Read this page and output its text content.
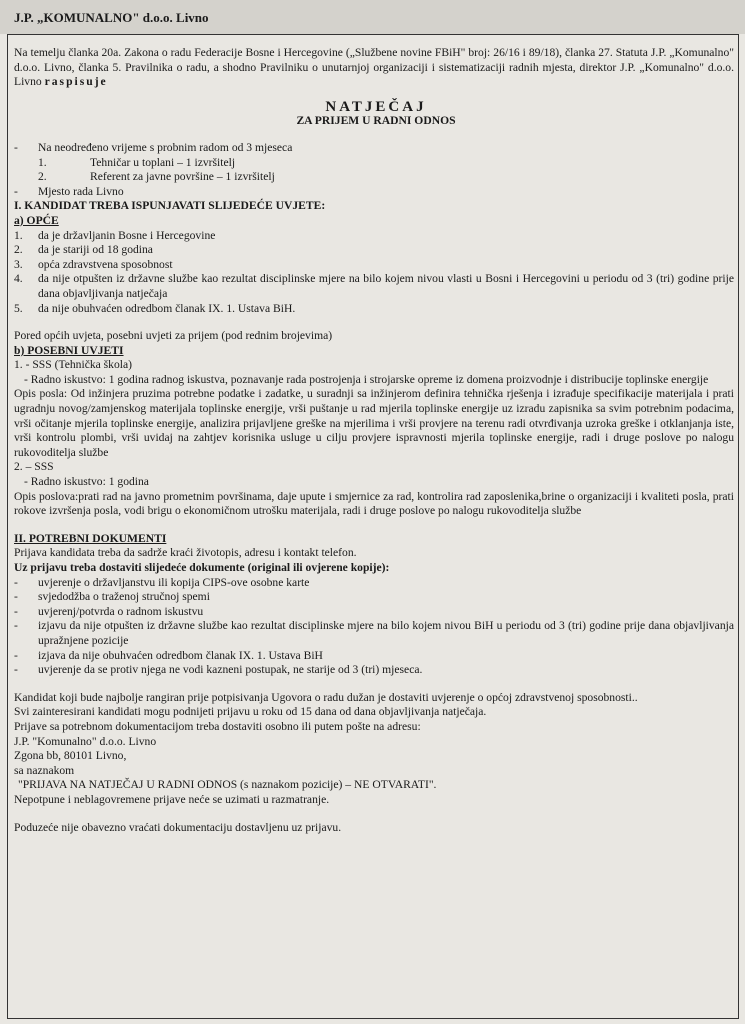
J.P. „KOMUNALNO" d.o.o. Livno

Na temelju članka 20a. Zakona o radu Federacije Bosne i Hercegovine („Službene novine FBiH" broj: 26/16 i 89/18), članka 27. Statuta J.P. „Komunalno" d.o.o. Livno, članka 5. Pravilnika o radu, a shodno Pravilniku o unutarnjoj organizaciji i sistematizaciji radnih mjesta, direktor J.P. „Komunalno" d.o.o. Livno raspisuje

NATJEČAJ
ZA PRIJEM U RADNI ODNOS
-	Na neodređeno vrijeme s probnim radom od 3 mjeseca
1.	Tehničar u toplani – 1 izvršitelj
2.	Referent za javne površine – 1 izvršitelj
-	Mjesto rada Livno

I. KANDIDAT TREBA ISPUNJAVATI SLIJEDEĆE UVJETE:

a) OPĆE

1.	da je državljanin Bosne i Hercegovine
2.	da je stariji od 18 godina
3.	opća zdravstvena sposobnost
4.	da nije otpušten iz državne službe kao rezultat disciplinske mjere na bilo kojem nivou vlasti u Bosni i Hercegovini u periodu od 3 (tri) godine prije dana objavljivanja natječaja
5.	da nije obuhvaćen odredbom članak IX. 1. Ustava BiH.

Pored općih uvjeta, posebni uvjeti za prijem (pod rednim brojevima)

b) POSEBNI UVJETI

1. - SSS (Tehnička škola)

- Radno iskustvo: 1 godina radnog iskustva, poznavanje rada postrojenja i strojarske opreme iz domena proizvodnje i distribucije toplinske energije

Opis posla: Od inžinjera pruzima potrebne podatke i zadatke, u suradnji sa inžinjerom definira tehnička rješenja i izrađuje specifikacije materijala i prati ugradnju novog/zamjenskog materijala toplinske energije, vrši puštanje u rad mjerila toplinske energije uz izradu zapisnika sa svim potrebnim podacima, vrši očitanje mjerila toplinske energije, analizira prijavljene greške na mjerilima i vrši provjere na terenu radi otvrđivanja uzroka greške i otklanjanja iste, vrši kontrolu plombi, vrši uvidaj na zahtjev korisnika usluge u cilju provjere ispravnosti mjerila toplinske energije, radi i druge poslove po nalogu rukovoditelja službe

2. – SSS

- Radno iskustvo: 1 godina

Opis poslova:prati rad na javno prometnim površinama, daje upute i smjernice za rad, kontrolira rad zaposlenika,brine o organizaciji i kvaliteti posla, prati rokove izvršenja posla, vodi brigu o ekonomičnom utrošku materijala, radi i druge poslove po nalogu rukovoditelja službe

II. POTREBNI DOKUMENTI

Prijava kandidata treba da sadrže kraći životopis, adresu i kontakt telefon.

Uz prijavu treba dostaviti slijedeće dokumente (original ili ovjerene kopije):

-	uvjerenje o državljanstvu ili kopija CIPS-ove osobne karte
-	svjedodžba o traženoj stručnoj spemi
-	uvjerenj/potvrda o radnom iskustvu
-	izjavu da nije otpušten iz državne službe kao rezultat disciplinske mjere na bilo kojem nivou BiH u periodu od 3 (tri) godine prije dana objavljivanja upražnjene pozicije
-	izjava da nije obuhvaćen odredbom članak IX. 1. Ustava BiH
-	uvjerenje da se protiv njega ne vodi kazneni postupak, ne starije od 3 (tri) mjeseca.

Kandidat koji bude najbolje rangiran prije potpisivanja Ugovora o radu dužan je dostaviti uvjerenje o općoj zdravstvenoj sposobnosti..

Svi zainteresirani kandidati mogu podnijeti prijavu u roku od 15 dana od dana objavljivanja natječaja.

Prijave sa potrebnom dokumentacijom treba dostaviti osobno ili putem pošte na adresu:

J.P. "Komunalno" d.o.o. Livno

Zgona bb, 80101 Livno,

sa naznakom

"PRIJAVA NA NATJEČAJ U RADNI ODNOS (s naznakom pozicije) – NE OTVARATI".

Nepotpune i neblagovremene prijave neće se uzimati u razmatranje.

Poduzeće nije obavezno vraćati dokumentaciju dostavljenu uz prijavu.
